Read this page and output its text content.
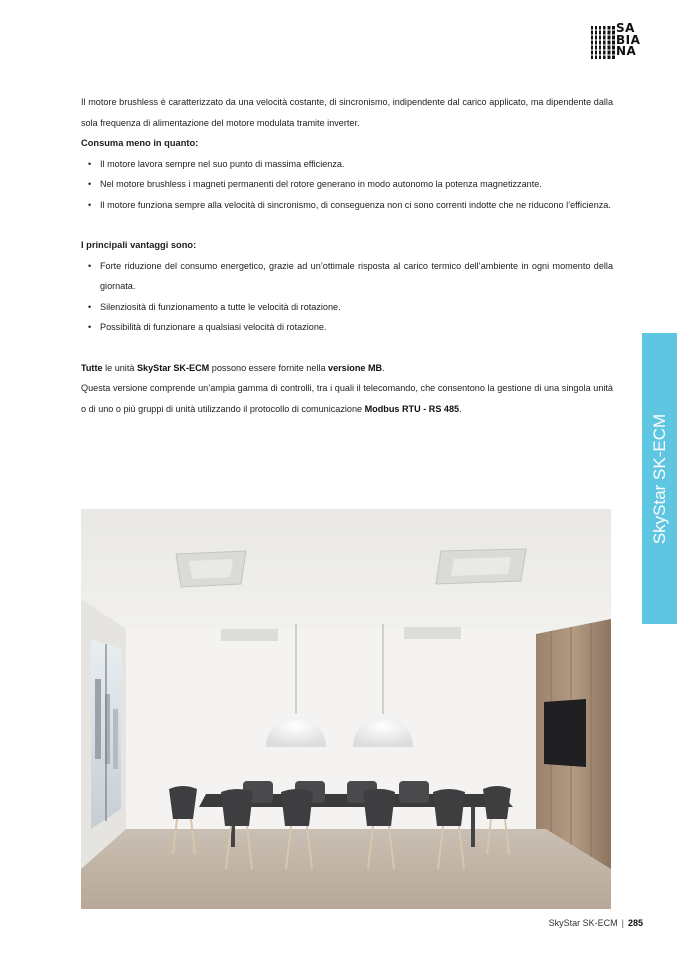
SA
BIA
NA

Il motore brushless è caratterizzato da una velocità costante, di sincronismo, indipendente dal carico applicato, ma dipendente dalla sola frequenza di alimentazione del motore modulata tramite inverter.

Consuma meno in quanto:

• Il motore lavora sempre nel suo punto di massima efficienza.
• Nel motore brushless i magneti permanenti del rotore generano in modo autonomo la potenza magnetizzante.
• Il motore funziona sempre alla velocità di sincronismo, di conseguenza non ci sono correnti indotte che ne riducono l’efficienza.

I principali vantaggi sono:

• Forte riduzione del consumo energetico, grazie ad un’ottimale risposta al carico termico dell’ambiente in ogni momento della giornata.
• Silenziosità di funzionamento a tutte le velocità di rotazione.
• Possibilità di funzionare a qualsiasi velocità di rotazione.

Tutte le unità SkyStar SK-ECM possono essere fornite nella versione MB.

Questa versione comprende un’ampia gamma di controlli, tra i quali il telecomando, che consentono la gestione di una singola unità o di uno o più gruppi di unità utilizzando il protocollo di comunicazione Modbus RTU - RS 485.

SkyStar SK-ECM
SkyStar SK-ECM | 285
